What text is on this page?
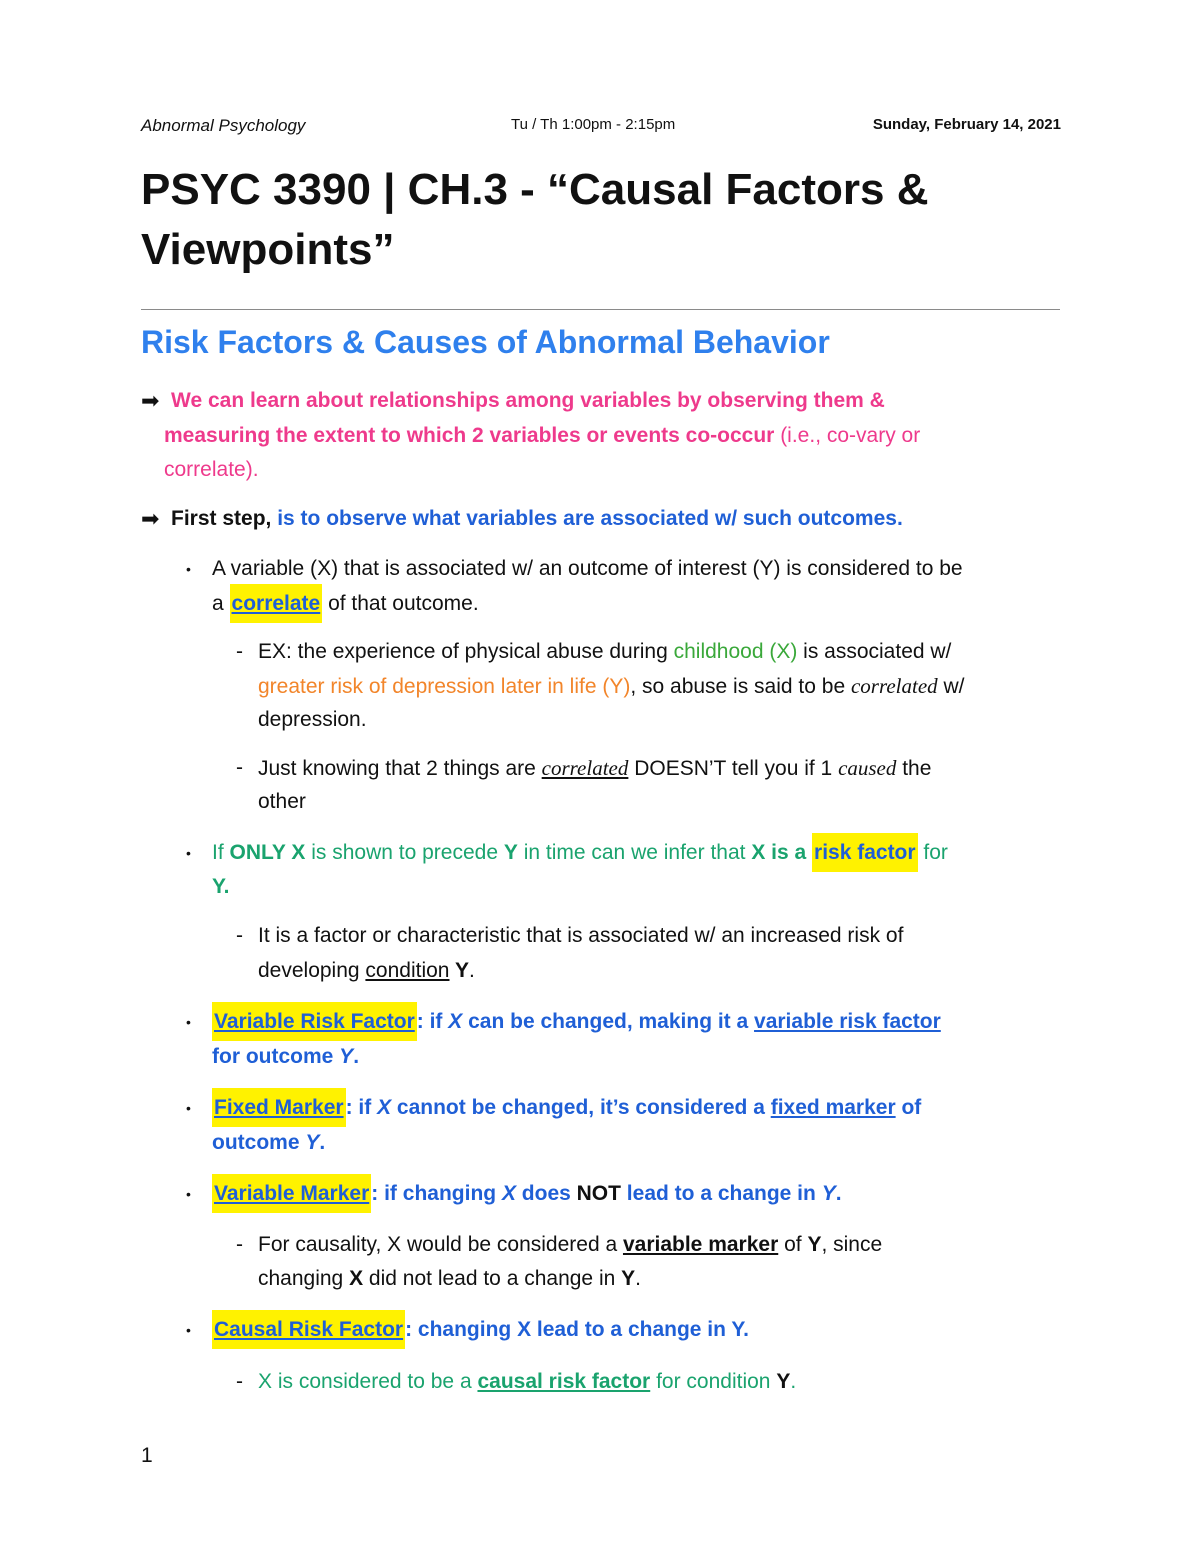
Abnormal Psychology	Tu / Th 1:00pm - 2:15pm	Sunday, February 14, 2021
PSYC 3390 | CH.3 - “Causal Factors &
Viewpoints”
Risk Factors & Causes of Abnormal Behavior
➡ We can learn about relationships among variables by observing them &

measuring the extent to which 2 variables or events co-occur (i.e., co-vary or

correlate).

➡ First step, is to observe what variables are associated w/ such outcomes.

• A variable (X) that is associated w/ an outcome of interest (Y) is considered to be

a correlate of that outcome.

- EX: the experience of physical abuse during childhood (X) is associated w/

greater risk of depression later in life (Y), so abuse is said to be correlated w/

depression.

- Just knowing that 2 things are correlated DOESN’T tell you if 1 caused the

other

• If ONLY X is shown to precede Y in time can we infer that X is a risk factor for

Y.

- It is a factor or characteristic that is associated w/ an increased risk of

developing condition Y.

• Variable Risk Factor: if X can be changed, making it a variable risk factor

for outcome Y.

• Fixed Marker: if X cannot be changed, it’s considered a fixed marker of

outcome Y.

• Variable Marker: if changing X does NOT lead to a change in Y.

- For causality, X would be considered a variable marker of Y, since

changing X did not lead to a change in Y.

• Causal Risk Factor: changing X lead to a change in Y.

- X is considered to be a causal risk factor for condition Y.

1
